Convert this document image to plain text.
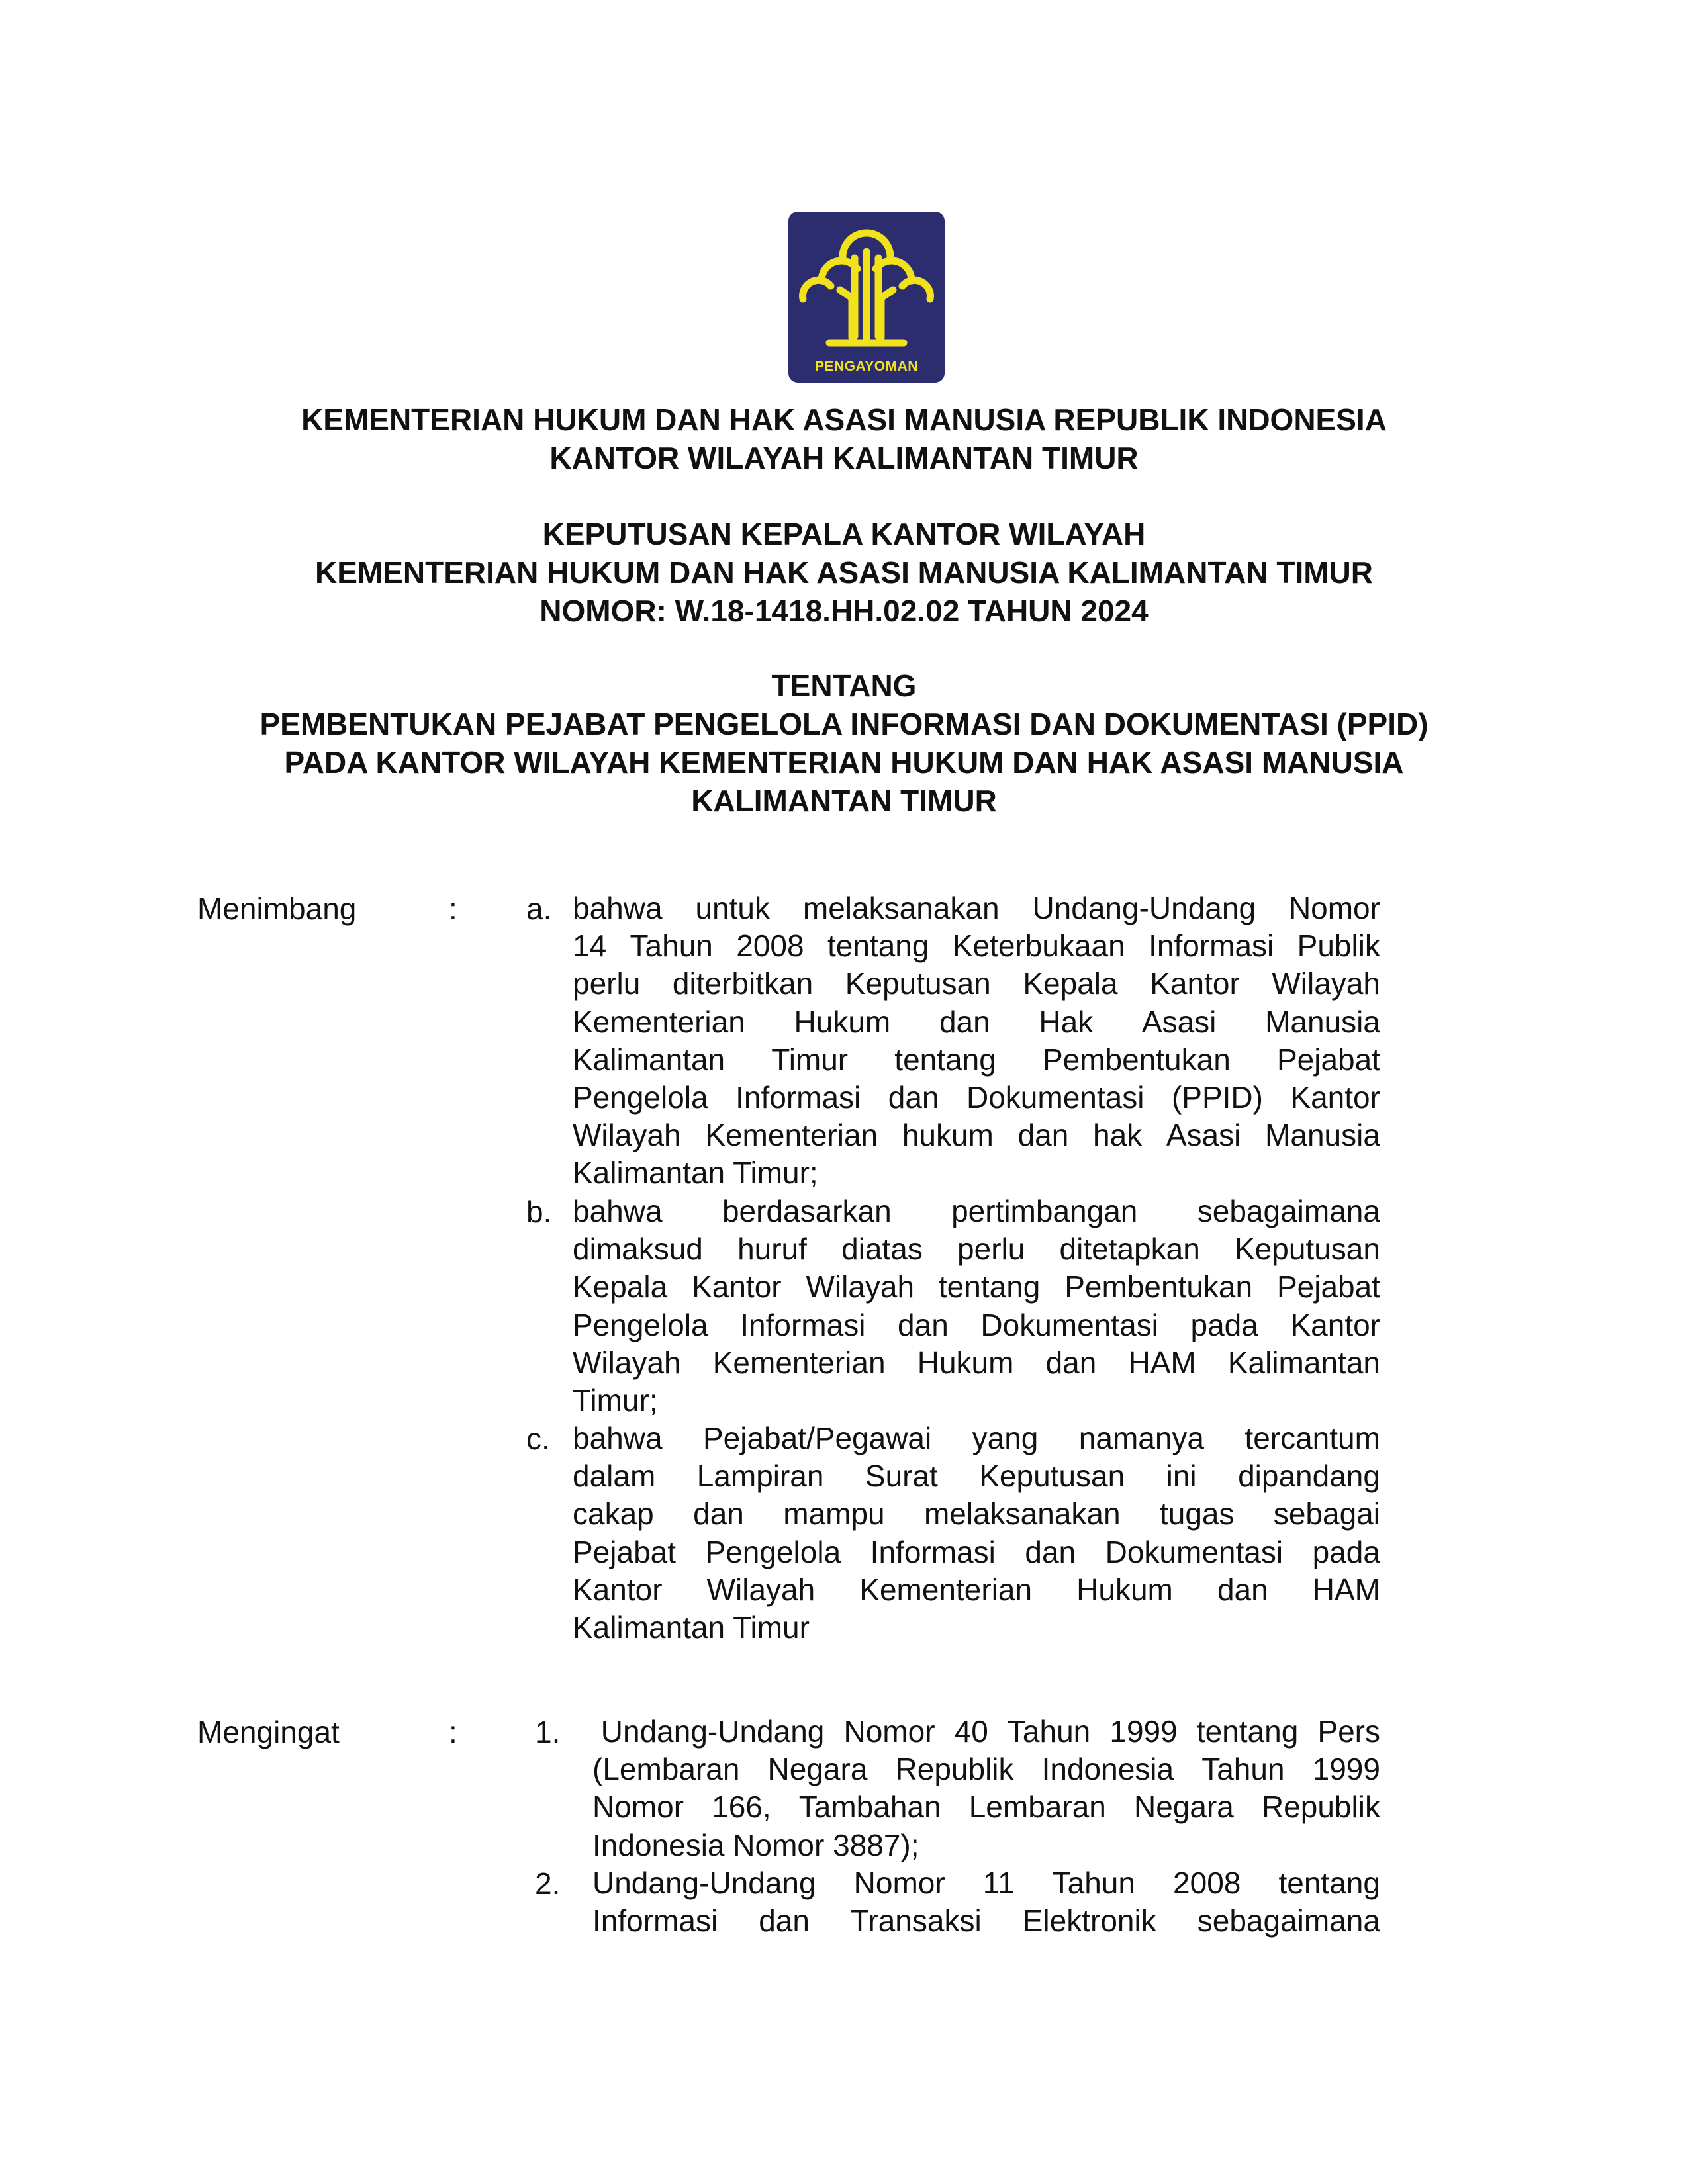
PENGAYOMAN
KEMENTERIAN HUKUM DAN HAK ASASI MANUSIA REPUBLIK INDONESIA
KANTOR WILAYAH KALIMANTAN TIMUR
KEPUTUSAN KEPALA KANTOR WILAYAH
KEMENTERIAN HUKUM DAN HAK ASASI MANUSIA KALIMANTAN TIMUR
NOMOR: W.18-1418.HH.02.02 TAHUN 2024
TENTANG
PEMBENTUKAN PEJABAT PENGELOLA INFORMASI DAN DOKUMENTASI (PPID)
PADA KANTOR WILAYAH KEMENTERIAN HUKUM DAN HAK ASASI MANUSIA
KALIMANTAN TIMUR
Menimbang	: a. bahwa untuk melaksanakan Undang-Undang Nomor
14 Tahun 2008 tentang Keterbukaan Informasi Publik
perlu diterbitkan Keputusan Kepala Kantor Wilayah
Kementerian Hukum dan Hak Asasi Manusia
Kalimantan Timur tentang Pembentukan Pejabat
Pengelola Informasi dan Dokumentasi (PPID) Kantor
Wilayah Kementerian hukum dan hak Asasi Manusia
Kalimantan Timur;
b. bahwa berdasarkan pertimbangan sebagaimana
dimaksud huruf diatas perlu ditetapkan Keputusan
Kepala Kantor Wilayah tentang Pembentukan Pejabat
Pengelola Informasi dan Dokumentasi pada Kantor
Wilayah Kementerian Hukum dan HAM Kalimantan
Timur;
c. bahwa Pejabat/Pegawai yang namanya tercantum
dalam Lampiran Surat Keputusan ini dipandang
cakap dan mampu melaksanakan tugas sebagai
Pejabat Pengelola Informasi dan Dokumentasi pada
Kantor Wilayah Kementerian Hukum dan HAM
Kalimantan Timur
Mengingat	:	1. Undang-Undang Nomor 40 Tahun 1999 tentang Pers
(Lembaran Negara Republik Indonesia Tahun 1999
Nomor 166, Tambahan Lembaran Negara Republik
Indonesia Nomor 3887);
2. Undang-Undang Nomor 11 Tahun 2008 tentang
Informasi dan Transaksi Elektronik sebagaimana
